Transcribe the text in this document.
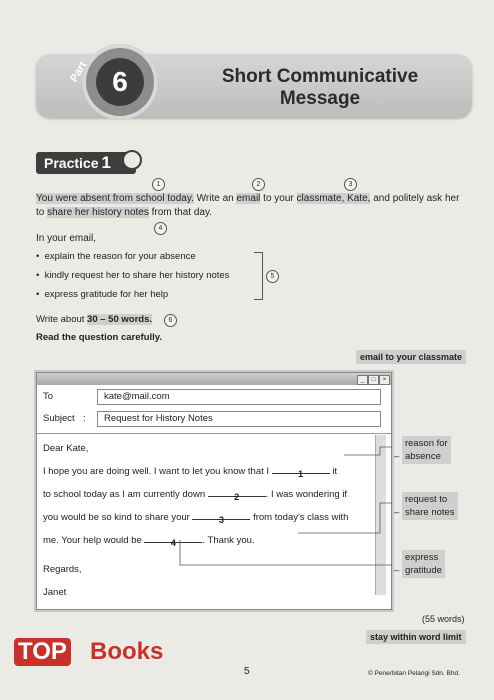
Part 6	Short Communicative
Message
Practice 1
1	2	3
You were absent from school today. Write an email to your classmate, Kate, and politely ask her
to share her history notes from that day.
4
In your email,
•  explain the reason for your absence
•  kindly request her to share her history notes
•  express gratitude for her help
5
Write about 30 – 50 words.	6
Read the question carefully.
email to your classmate
_	□	×
To	kate@mail.com
Subject :	Request for History Notes
Dear Kate,
I hope you are doing well. I want to let you know that I	1	it
to school today as I am currently down	2	. I was wondering if
you would be so kind to share your	3	from today's class with
me. Your help would be	4	. Thank you.
Regards,
Janet
– reason for
absence
– request to
share notes
– express
gratitude
(55 words)
stay within word limit
TOP Books
5	© Penerbitan Pelangi Sdn. Bhd.
